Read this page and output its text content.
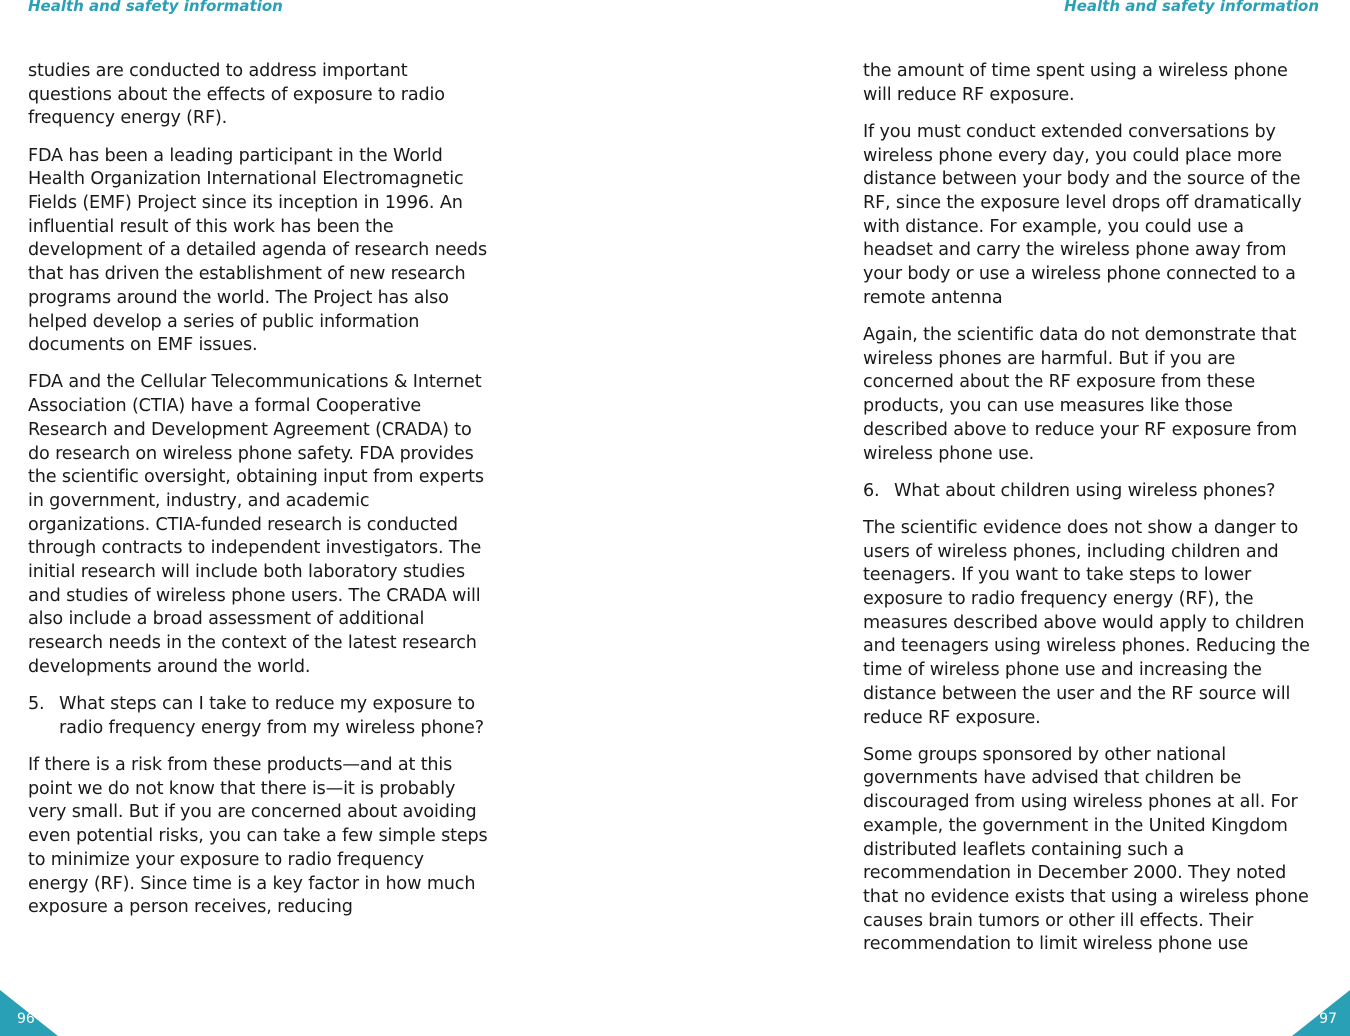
Health and safety information	Health and safety information

studies are conducted to address important questions about the effects of exposure to radio frequency energy (RF).

FDA has been a leading participant in the World Health Organization International Electromagnetic Fields (EMF) Project since its inception in 1996. An influential result of this work has been the development of a detailed agenda of research needs that has driven the establishment of new research programs around the world. The Project has also helped develop a series of public information documents on EMF issues.

FDA and the Cellular Telecommunications & Internet Association (CTIA) have a formal Cooperative Research and Development Agreement (CRADA) to do research on wireless phone safety. FDA provides the scientific oversight, obtaining input from experts in government, industry, and academic organizations. CTIA-funded research is conducted through contracts to independent investigators. The initial research will include both laboratory studies and studies of wireless phone users. The CRADA will also include a broad assessment of additional research needs in the context of the latest research developments around the world.

5. What steps can I take to reduce my exposure to radio frequency energy from my wireless phone?

If there is a risk from these products—and at this point we do not know that there is—it is probably very small. But if you are concerned about avoiding even potential risks, you can take a few simple steps to minimize your exposure to radio frequency energy (RF). Since time is a key factor in how much exposure a person receives, reducing

the amount of time spent using a wireless phone will reduce RF exposure.

If you must conduct extended conversations by wireless phone every day, you could place more distance between your body and the source of the RF, since the exposure level drops off dramatically with distance. For example, you could use a headset and carry the wireless phone away from your body or use a wireless phone connected to a remote antenna

Again, the scientific data do not demonstrate that wireless phones are harmful. But if you are concerned about the RF exposure from these products, you can use measures like those described above to reduce your RF exposure from wireless phone use.

6. What about children using wireless phones?

The scientific evidence does not show a danger to users of wireless phones, including children and teenagers. If you want to take steps to lower exposure to radio frequency energy (RF), the measures described above would apply to children and teenagers using wireless phones. Reducing the time of wireless phone use and increasing the distance between the user and the RF source will reduce RF exposure.

Some groups sponsored by other national governments have advised that children be discouraged from using wireless phones at all. For example, the government in the United Kingdom distributed leaflets containing such a recommendation in December 2000. They noted that no evidence exists that using a wireless phone causes brain tumors or other ill effects. Their recommendation to limit wireless phone use

96	97
